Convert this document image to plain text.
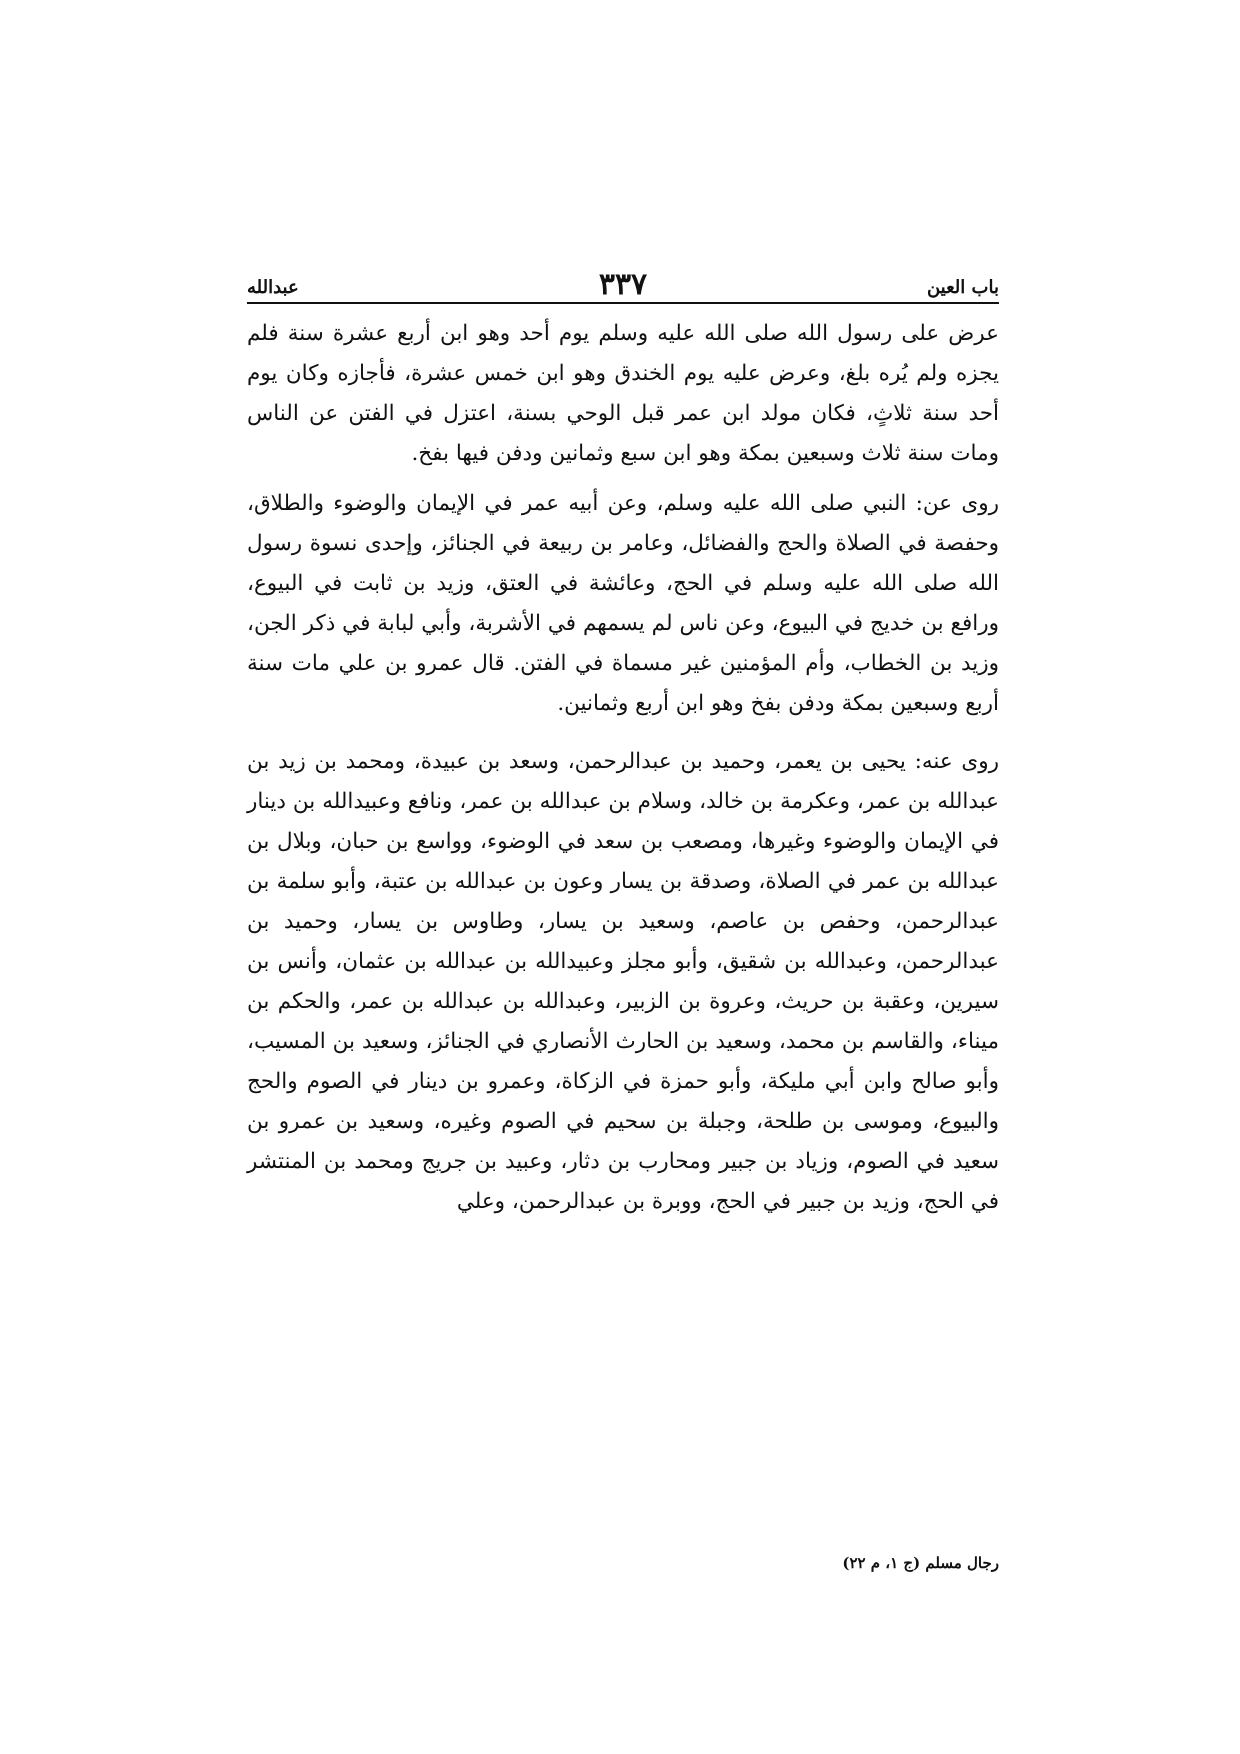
باب العين
٣٣٧
عبدالله

عرض على رسول الله صلى الله عليه وسلم يوم أحد وهو ابن أربع عشرة سنة فلم يجزه ولم يُره بلغ، وعرض عليه يوم الخندق وهو ابن خمس عشرة، فأجازه وكان يوم أحد سنة ثلاثٍ، فكان مولد ابن عمر قبل الوحي بسنة، اعتزل في الفتن عن الناس ومات سنة ثلاث وسبعين بمكة وهو ابن سبع وثمانين ودفن فيها بفخ.

روى عن: النبي صلى الله عليه وسلم، وعن أبيه عمر في الإيمان والوضوء والطلاق، وحفصة في الصلاة والحج والفضائل، وعامر بن ربيعة في الجنائز، وإحدى نسوة رسول الله صلى الله عليه وسلم في الحج، وعائشة في العتق، وزيد بن ثابت في البيوع، ورافع بن خديج في البيوع، وعن ناس لم يسمهم في الأشربة، وأبي لبابة في ذكر الجن، وزيد بن الخطاب، وأم المؤمنين غير مسماة في الفتن. قال عمرو بن علي مات سنة أربع وسبعين بمكة ودفن بفخ وهو ابن أربع وثمانين.

روى عنه: يحيى بن يعمر، وحميد بن عبدالرحمن، وسعد بن عبيدة، ومحمد بن زيد بن عبدالله بن عمر، وعكرمة بن خالد، وسلام بن عبدالله بن عمر، ونافع وعبيدالله بن دينار في الإيمان والوضوء وغيرها، ومصعب بن سعد في الوضوء، وواسع بن حبان، وبلال بن عبدالله بن عمر في الصلاة، وصدقة بن يسار وعون بن عبدالله بن عتبة، وأبو سلمة بن عبدالرحمن، وحفص بن عاصم، وسعيد بن يسار، وطاوس بن يسار، وحميد بن عبدالرحمن، وعبدالله بن شقيق، وأبو مجلز وعبيدالله بن عبدالله بن عثمان، وأنس بن سيرين، وعقبة بن حريث، وعروة بن الزبير، وعبدالله بن عبدالله بن عمر، والحكم بن ميناء، والقاسم بن محمد، وسعيد بن الحارث الأنصاري في الجنائز، وسعيد بن المسيب، وأبو صالح وابن أبي مليكة، وأبو حمزة في الزكاة، وعمرو بن دينار في الصوم والحج والبيوع، وموسى بن طلحة، وجبلة بن سحيم في الصوم وغيره، وسعيد بن عمرو بن سعيد في الصوم، وزياد بن جبير ومحارب بن دثار، وعبيد بن جريج ومحمد بن المنتشر في الحج، وزيد بن جبير في الحج، ووبرة بن عبدالرحمن، وعلي

رجال مسلم (ج ١، م ٢٢)
